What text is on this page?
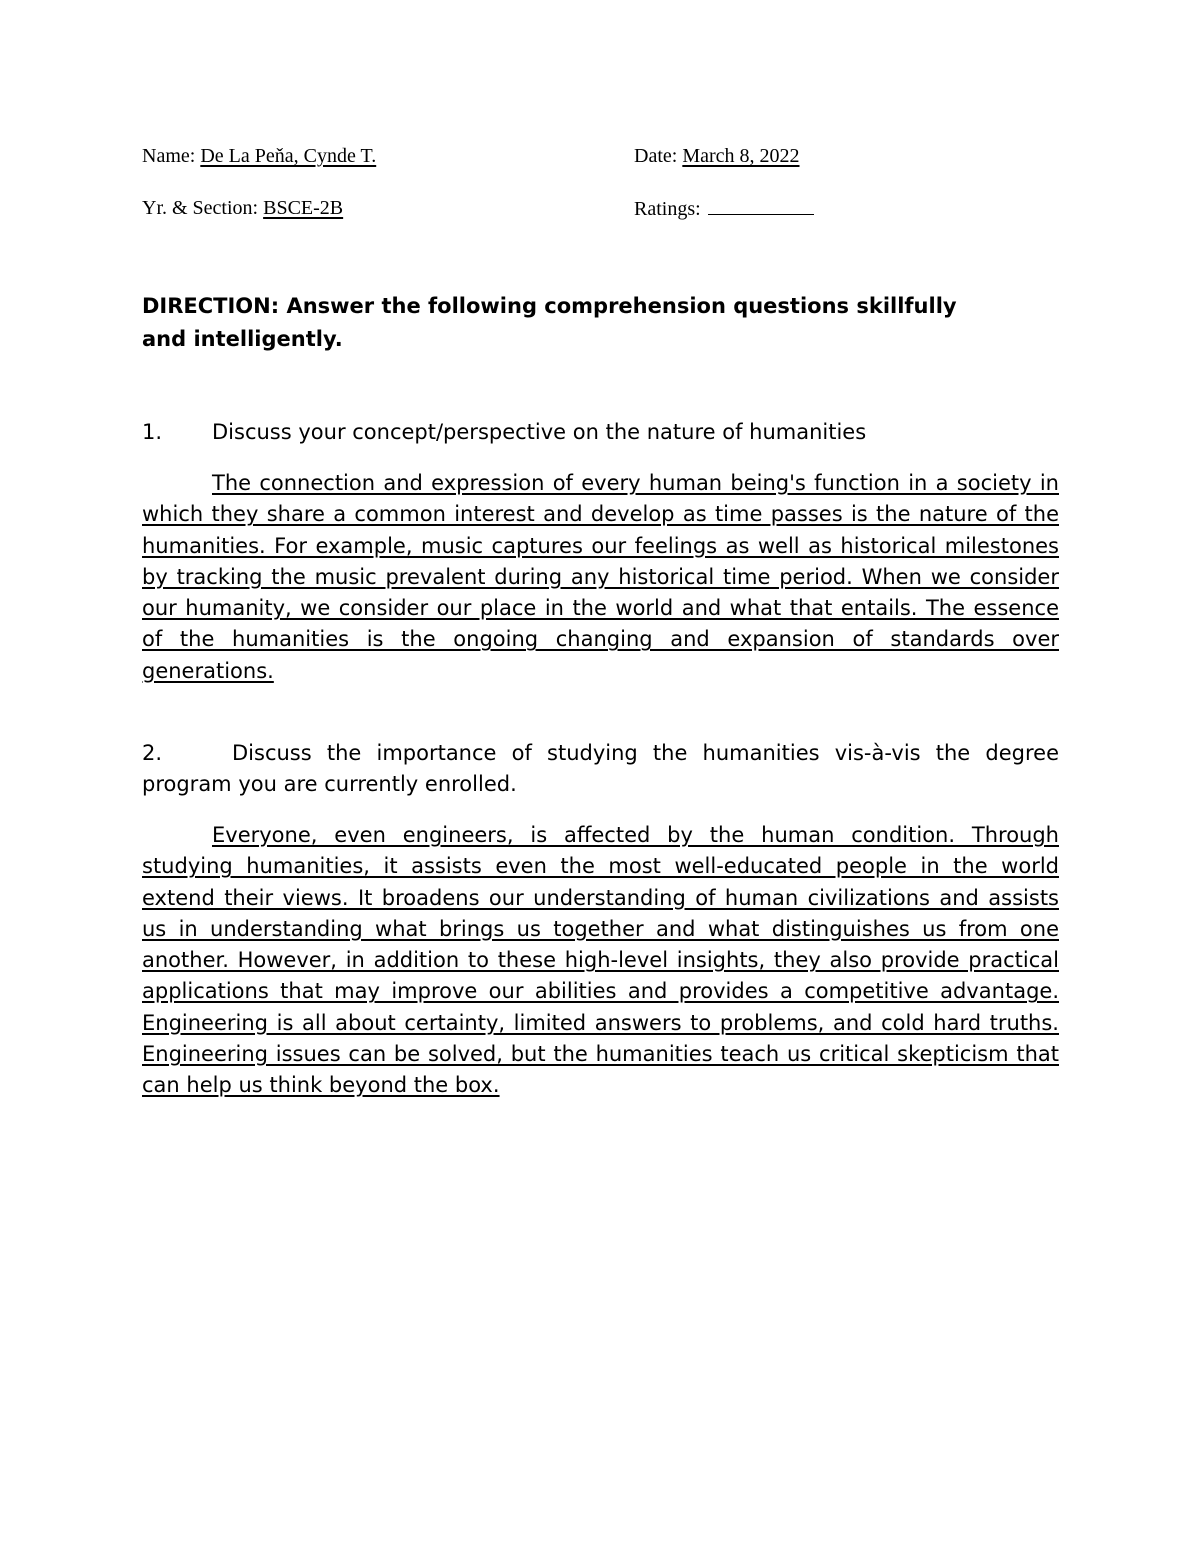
Name: De La Peňa, Cynde T.	Date: March 8, 2022
Yr. & Section: BSCE-2B	Ratings:
DIRECTION: Answer the following comprehension questions skillfully and intelligently.
1. Discuss your concept/perspective on the nature of humanities
The connection and expression of every human being's function in a society in which they share a common interest and develop as time passes is the nature of the humanities. For example, music captures our feelings as well as historical milestones by tracking the music prevalent during any historical time period. When we consider our humanity, we consider our place in the world and what that entails. The essence of the humanities is the ongoing changing and expansion of standards over generations.
2.	Discuss the importance of studying the humanities vis-à-vis the degree program you are currently enrolled.
Everyone, even engineers, is affected by the human condition. Through studying humanities, it assists even the most well-educated people in the world extend their views. It broadens our understanding of human civilizations and assists us in understanding what brings us together and what distinguishes us from one another. However, in addition to these high-level insights, they also provide practical applications that may improve our abilities and provides a competitive advantage. Engineering is all about certainty, limited answers to problems, and cold hard truths. Engineering issues can be solved, but the humanities teach us critical skepticism that can help us think beyond the box.
